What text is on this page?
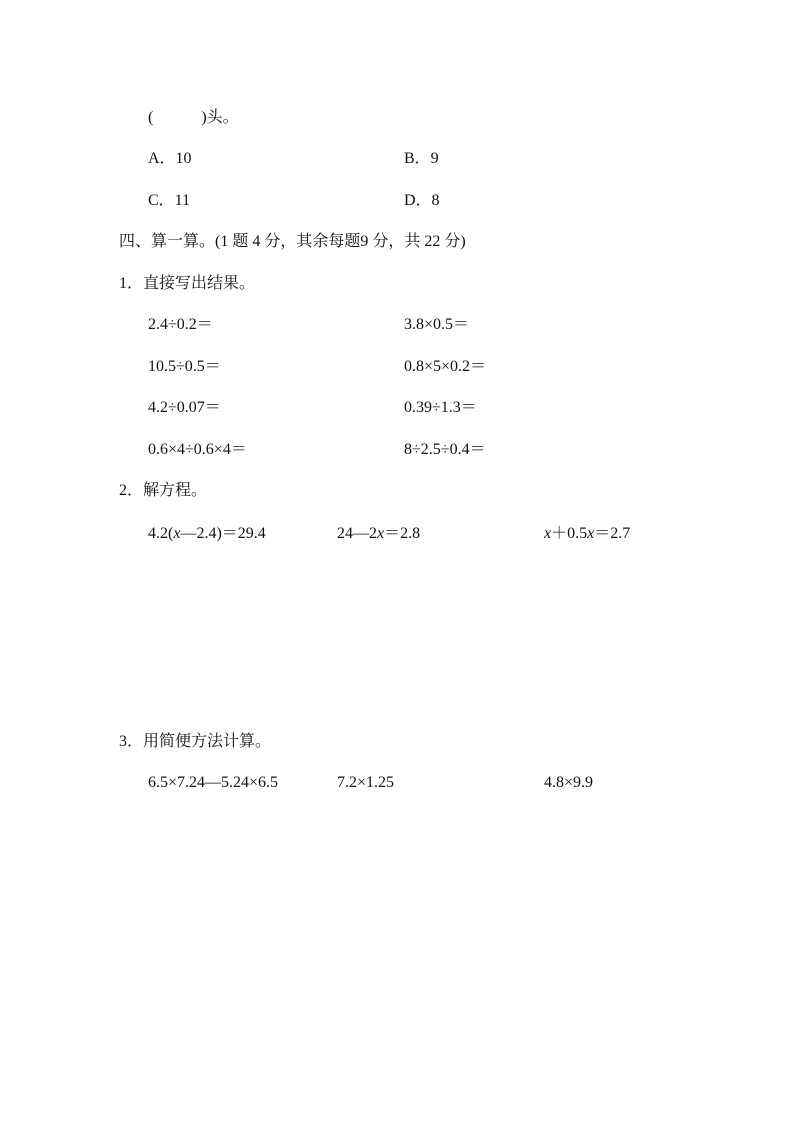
(　　　)头。
A．10	B．9
C．11	D．8
四、算一算。(1 题 4 分，其余每题9 分，共 22 分)
1．直接写出结果。
2.4÷0.2＝	3.8×0.5＝
10.5÷0.5＝	0.8×5×0.2＝
4.2÷0.07＝	0.39÷1.3＝
0.6×4÷0.6×4＝	8÷2.5÷0.4＝
2．解方程。
4.2(x—2.4)＝29.4	24—2x＝2.8	x＋0.5x＝2.7
3．用简便方法计算。
6.5×7.24—5.24×6.5	7.2×1.25	4.8×9.9
